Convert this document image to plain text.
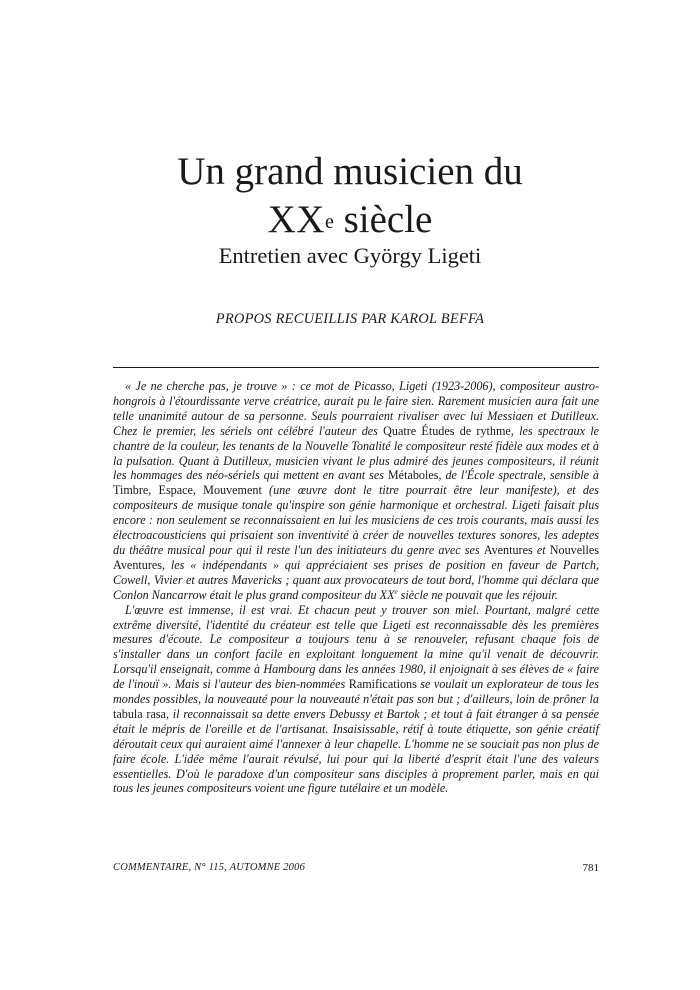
Un grand musicien du
XXe siècle
Entretien avec György Ligeti
PROPOS RECUEILLIS PAR KAROL BEFFA

« Je ne cherche pas, je trouve » : ce mot de Picasso, Ligeti (1923-2006), compositeur austro-hongrois à l'étourdissante verve créatrice, aurait pu le faire sien. Rarement musicien aura fait une telle unanimité autour de sa personne. Seuls pourraient rivaliser avec lui Messiaen et Dutilleux. Chez le premier, les sériels ont célébré l'auteur des Quatre Études de rythme, les spectraux le chantre de la couleur, les tenants de la Nouvelle Tonalité le compositeur resté fidèle aux modes et à la pulsation. Quant à Dutilleux, musicien vivant le plus admiré des jeunes compositeurs, il réunit les hommages des néo-sériels qui mettent en avant ses Métaboles, de l'École spectrale, sensible à Timbre, Espace, Mouvement (une œuvre dont le titre pourrait être leur manifeste), et des compositeurs de musique tonale qu'inspire son génie harmonique et orchestral. Ligeti faisait plus encore : non seulement se reconnaissaient en lui les musiciens de ces trois courants, mais aussi les électroacousticiens qui prisaient son inventivité à créer de nouvelles textures sonores, les adeptes du théâtre musical pour qui il reste l'un des initiateurs du genre avec ses Aventures et Nouvelles Aventures, les « indépendants » qui appréciaient ses prises de position en faveur de Partch, Cowell, Vivier et autres Mavericks ; quant aux provocateurs de tout bord, l'homme qui déclara que Conlon Nancarrow était le plus grand compositeur du XXe siècle ne pouvait que les réjouir.

L'œuvre est immense, il est vrai. Et chacun peut y trouver son miel. Pourtant, malgré cette extrême diversité, l'identité du créateur est telle que Ligeti est reconnaissable dès les premières mesures d'écoute. Le compositeur a toujours tenu à se renouveler, refusant chaque fois de s'installer dans un confort facile en exploitant longuement la mine qu'il venait de découvrir. Lorsqu'il enseignait, comme à Hambourg dans les années 1980, il enjoignait à ses élèves de « faire de l'inouï ». Mais si l'auteur des bien-nommées Ramifications se voulait un explorateur de tous les mondes possibles, la nouveauté pour la nouveauté n'était pas son but ; d'ailleurs, loin de prôner la tabula rasa, il reconnaissait sa dette envers Debussy et Bartok ; et tout à fait étranger à sa pensée était le mépris de l'oreille et de l'artisanat. Insaisissable, rétif à toute étiquette, son génie créatif déroutait ceux qui auraient aimé l'annexer à leur chapelle. L'homme ne se souciait pas non plus de faire école. L'idée même l'aurait révulsé, lui pour qui la liberté d'esprit était l'une des valeurs essentielles. D'où le paradoxe d'un compositeur sans disciples à proprement parler, mais en qui tous les jeunes compositeurs voient une figure tutélaire et un modèle.

COMMENTAIRE, N° 115, AUTOMNE 2006	781
